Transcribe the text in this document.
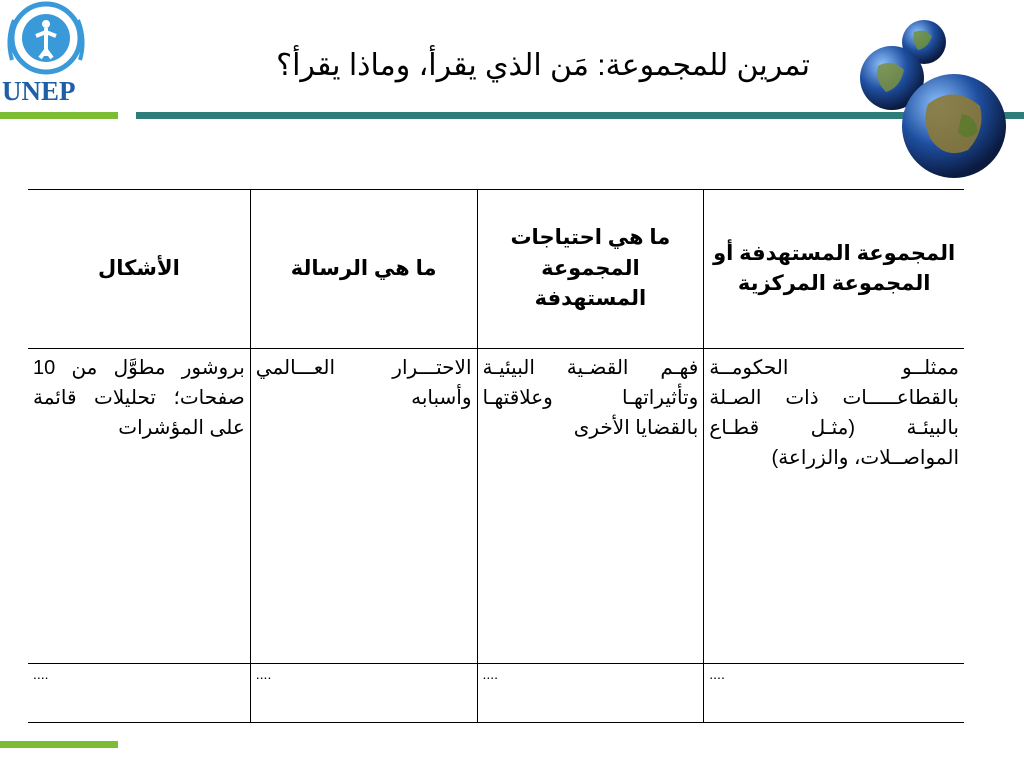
UNEP
تمرين للمجموعة: مَن الذي يقرأ، وماذا يقرأ؟
المجموعة المستهدفة أو المجموعة المركزية	ما هي احتياجات المجموعة المستهدفة	ما هي الرسالة	الأشكال
ممثلــو الحكومــة بالقطاعـــــات ذات الصـلة بالبيئـة (مثـل قطـاع المواصــلات، والزراعة)	فهـم القضـية البيئيـة وتأثيراتهـا وعلاقتهـا بالقضايا الأخرى	الاحتـــرار العـــالمي وأسبابه	بروشور مطوَّل من 10 صفحات؛ تحليلات قائمة على المؤشرات
....	....	....	....
